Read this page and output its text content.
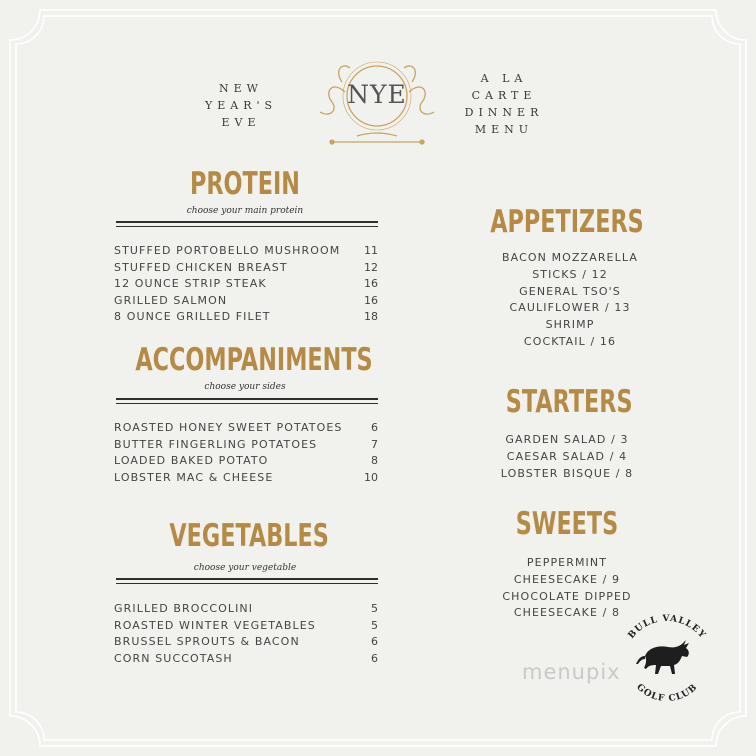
NEW
YEAR'S
EVE
NYE
A LA
CARTE
DINNER
MENU
PROTEIN
choose your main protein
STUFFED PORTOBELLO MUSHROOM 11
STUFFED CHICKEN BREAST	12
12 OUNCE STRIP STEAK	16
GRILLED SALMON	16
8 OUNCE GRILLED FILET	18
ACCOMPANIMENTS
choose your sides
ROASTED HONEY SWEET POTATOES	6
BUTTER FINGERLING POTATOES	7
LOADED BAKED POTATO	8
LOBSTER MAC & CHEESE	10
VEGETABLES
choose your vegetable
GRILLED BROCCOLINI	5
ROASTED WINTER VEGETABLES	5
BRUSSEL SPROUTS & BACON	6
CORN SUCCOTASH	6
APPETIZERS
BACON MOZZARELLA
STICKS / 12
GENERAL TSO'S
CAULIFLOWER / 13
SHRIMP
COCKTAIL / 16
STARTERS
GARDEN SALAD / 3
CAESAR SALAD / 4
LOBSTER BISQUE / 8
SWEETS
PEPPERMINT
CHEESECAKE / 9
CHOCOLATE DIPPED
CHEESECAKE / 8
menupix
BULL VALLEY
GOLF CLUB
